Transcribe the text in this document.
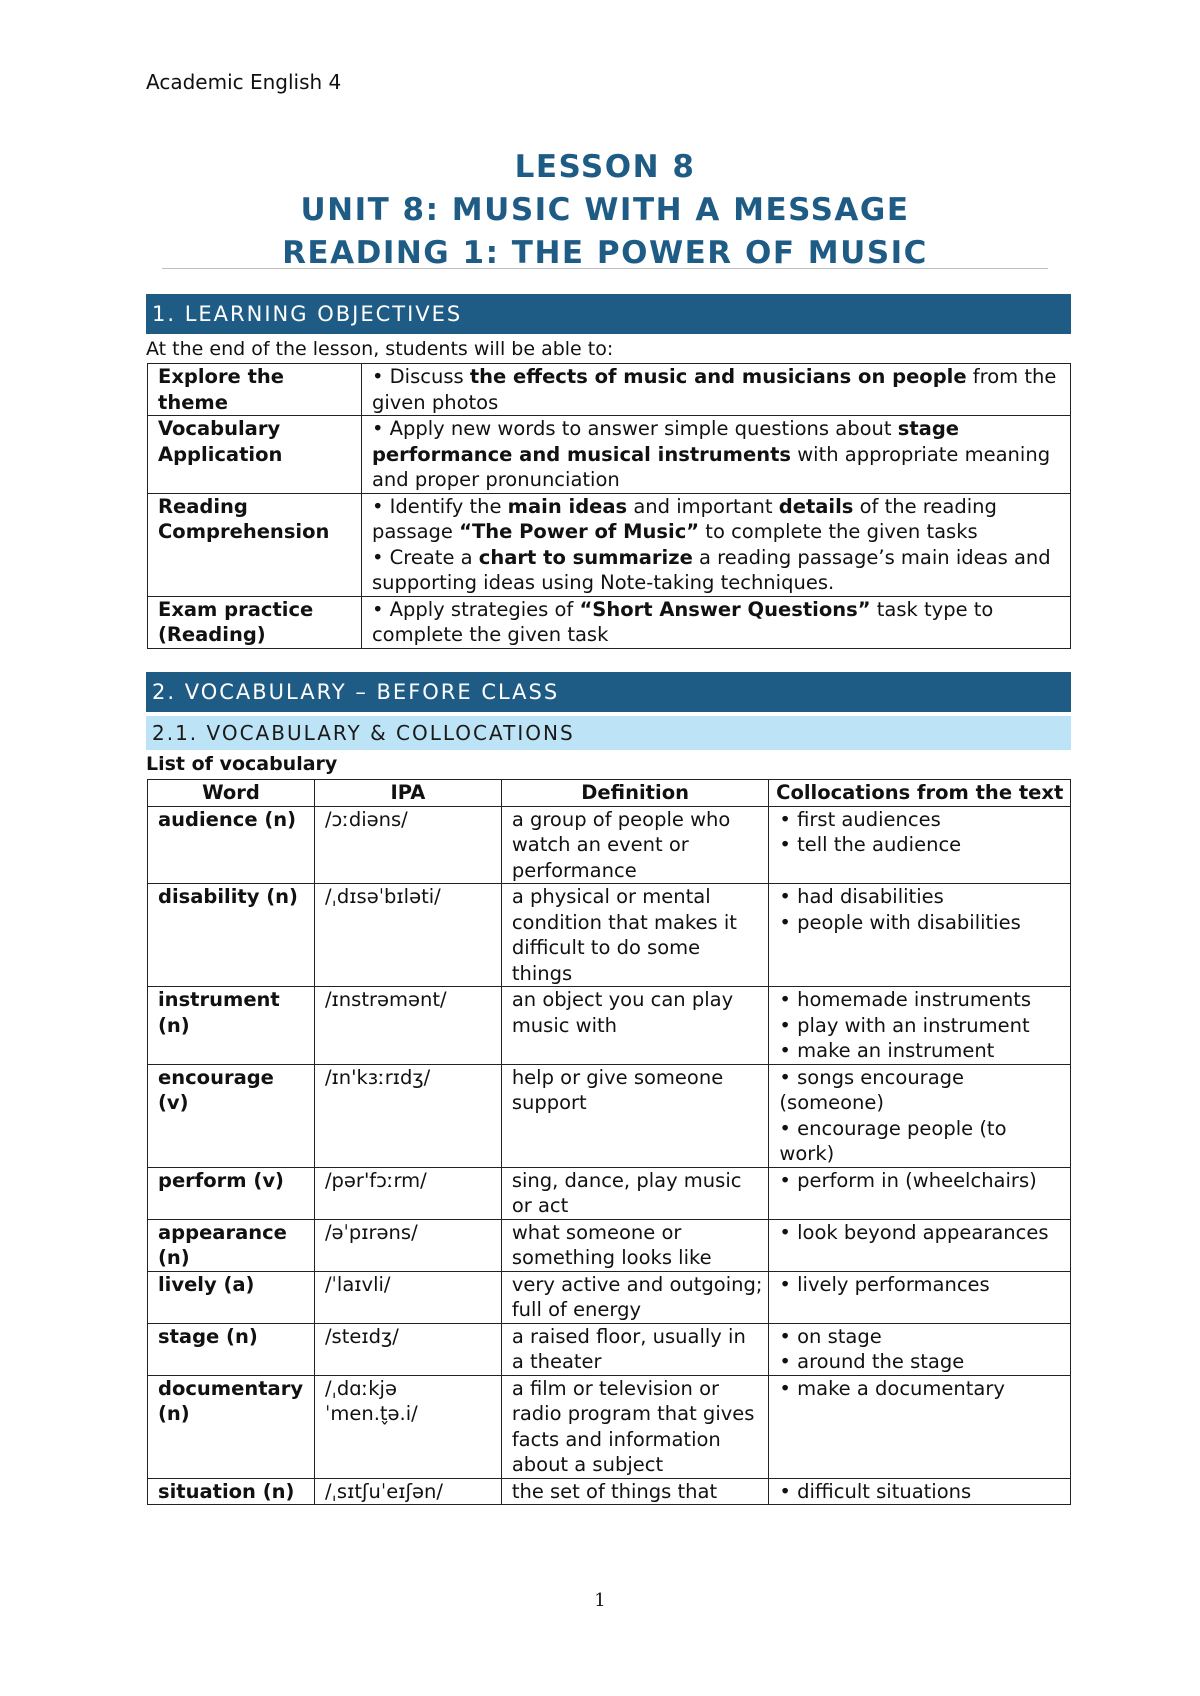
Academic English 4
LESSON 8
UNIT 8: MUSIC WITH A MESSAGE
READING 1: THE POWER OF MUSIC
1. LEARNING OBJECTIVES
At the end of the lesson, students will be able to:
Explore the theme	• Discuss the effects of music and musicians on people from the given photos

Vocabulary Application	• Apply new words to answer simple questions about stage performance and musical instruments with appropriate meaning and proper pronunciation

Reading Comprehension	• Identify the main ideas and important details of the reading passage “The Power of Music” to complete the given tasks
• Create a chart to summarize a reading passage’s main ideas and supporting ideas using Note-taking techniques.

Exam practice (Reading)	• Apply strategies of “Short Answer Questions” task type to complete the given task
2. VOCABULARY – BEFORE CLASS
2.1. VOCABULARY & COLLOCATIONS
List of vocabulary
Word	IPA	Definition	Collocations from the text
audience (n)	/ɔːdiəns/	a group of people who watch an event or performance	• first audiences
• tell the audience

disability (n)	/ˌdɪsəˈbɪləti/	a physical or mental condition that makes it difficult to do some things	• had disabilities
• people with disabilities

instrument (n)	/ɪnstrəmənt/	an object you can play music with	• homemade instruments
• play with an instrument
• make an instrument

encourage (v)	/ɪn'kɜːrɪdʒ/	help or give someone support	• songs encourage (someone)
• encourage people (to work)

perform (v)	/pər'fɔːrm/	sing, dance, play music or act	• perform in (wheelchairs)

appearance (n)	/əˈpɪrəns/	what someone or something looks like	• look beyond appearances

lively (a)	/ˈlaɪvli/	very active and outgoing; full of energy	• lively performances

stage (n)	/steɪdʒ/	a raised floor, usually in a theater	• on stage
• around the stage

documentary (n)	/ˌdɑːkjə ˈmen.t̬ə.i/	a film or television or radio program that gives facts and information about a subject	• make a documentary

situation (n)	/ˌsɪtʃuˈeɪʃən/	the set of things that	• difficult situations
1
